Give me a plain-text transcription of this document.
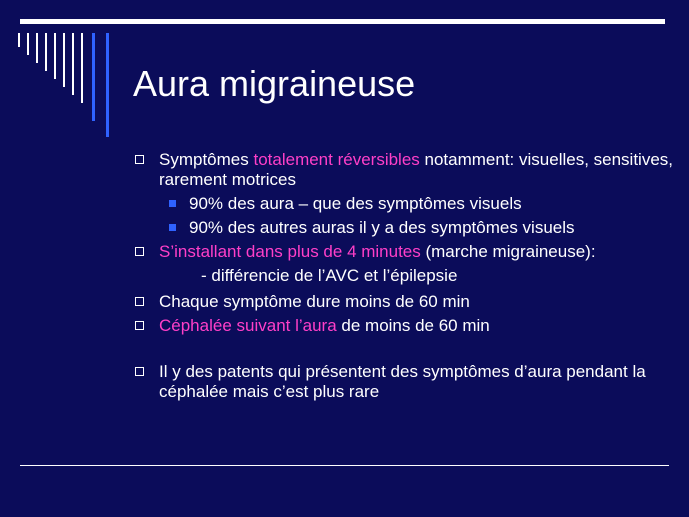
Aura migraineuse
Symptômes totalement réversibles notamment: visuelles, sensitives, rarement motrices
90% des aura – que des symptômes visuels
90% des autres auras il y a des symptômes visuels
S’installant dans plus de 4 minutes (marche migraineuse):
- différencie de l’AVC et l’épilepsie
Chaque symptôme dure moins de 60 min
Céphalée suivant l’aura de moins de 60 min
Il y des patents qui présentent des symptômes d’aura pendant la céphalée mais c’est plus rare
